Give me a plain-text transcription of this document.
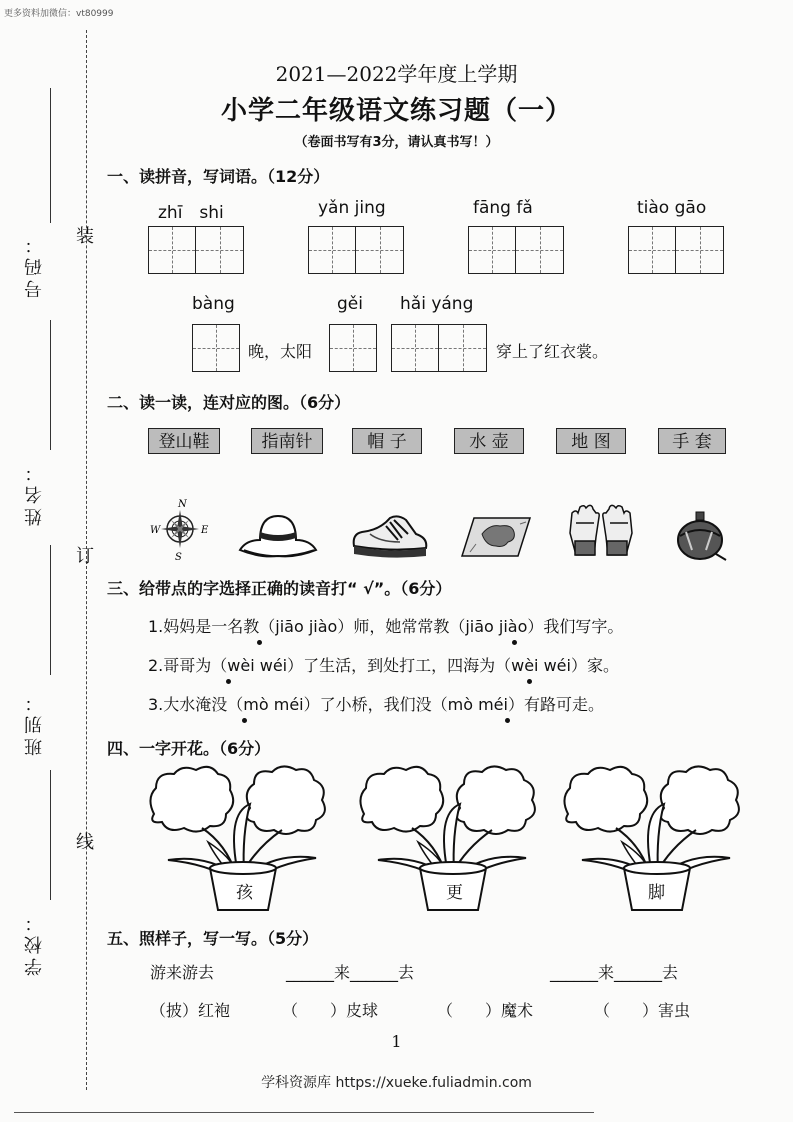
更多资料加微信：vt80999
装
订
线
号码：
姓名：
班别：
学校：
2021—2022学年度上学期
小学二年级语文练习题（一）
（卷面书写有3分，请认真书写！）
一、读拼音，写词语。（12分）
zhī　shi	yǎn jing	fāng fǎ	tiào gāo
bàng	gěi hǎi yáng
晚，太阳	穿上了红衣裳。
二、读一读，连对应的图。（6分）
登山鞋	指南针	帽 子	水 壶	地 图	手 套
N
E
S
W
三、给带点的字选择正确的读音打“ √”。（6分）
1.妈妈是一名教（jiāo jiào）师，她常常教（jiāo jiào）我们写字。
2.哥哥为（wèi wéi）了生活，到处打工，四海为（wèi wéi）家。
3.大水淹没（mò méi）了小桥，我们没（mò méi）有路可走。
四、一字开花。（6分）
孩	更	脚
五、照样子，写一写。（5分）
游来游去	______来______去	______来______去
（披）红袍	（　　）皮球	（　　）魔术	（　　）害虫
1
学科资源库 https://xueke.fuliadmin.com
